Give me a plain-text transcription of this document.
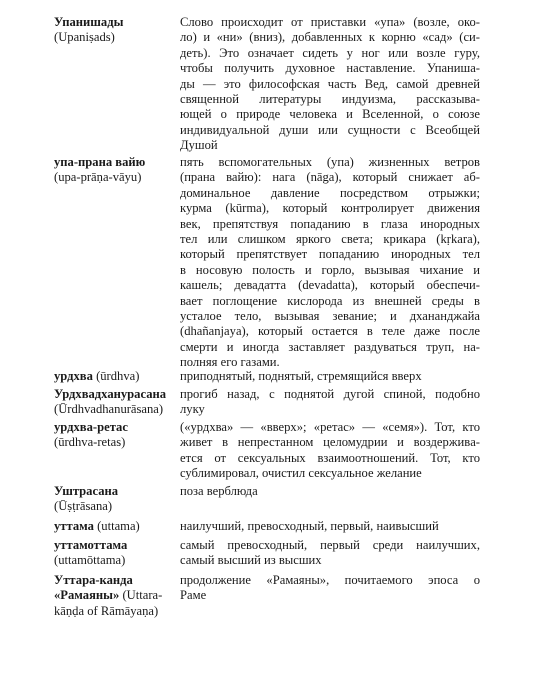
Упанишады
(Upaniṣads)
Слово происходит от приставки «упа» (возле, око-
ло) и «ни» (вниз), добавленных к корню «сад» (си-
деть). Это означает сидеть у ног или возле гуру,
чтобы получить духовное наставление. Упаниша-
ды — это философская часть Вед, самой древней
священной литературы индуизма, рассказыва-
ющей о природе человека и Вселенной, о союзе
индивидуальной души или сущности с Всеобщей
Душой
упа-прана вайю
(upa-prāṇa-vāyu)
пять вспомогательных (упа) жизненных ветров
(прана вайю): нага (nāga), который снижает аб-
доминальное давление посредством отрыжки;
курма (kūrma), который контролирует движения
век, препятствуя попаданию в глаза инородных
тел или слишком яркого света; крикара (kṛkara),
который препятствует попаданию инородных тел
в носовую полость и горло, вызывая чихание и
кашель; девадатта (devadatta), который обеспечи-
вает поглощение кислорода из внешней среды в
усталое тело, вызывая зевание; и дхананджайа
(dhañanjaya), который остается в теле даже после
смерти и иногда заставляет раздуваться труп, на-
полняя его газами.
урдхва (ūrdhva)	приподнятый, поднятый, стремящийся вверх
Урдхвадханурасана
(Ūrdhvadhanurāsana)
прогиб назад, с поднятой дугой спиной, подобно
луку
урдхва-ретас
(ūrdhva-retas)
(«урдхва» — «вверх»; «ретас» — «семя»). Тот, кто
живет в непрестанном целомудрии и воздерживa-
ется от сексуальных взаимоотношений. Тот, кто
сублимировал, очистил сексуальное желание
Уштрасана
(Ūṣṭrāsana)
поза верблюда
уттама (uttama)	наилучший, превосходный, первый, наивысший
уттамоттама
(uttamōttama)
самый превосходный, первый среди наилучших,
самый высший из высших
Уттара-канда
«Рамаяны» (Uttara-
kāṇḍa of Rāmāyaṇa)
продолжение «Рамаяны», почитаемого эпоса о
Раме
